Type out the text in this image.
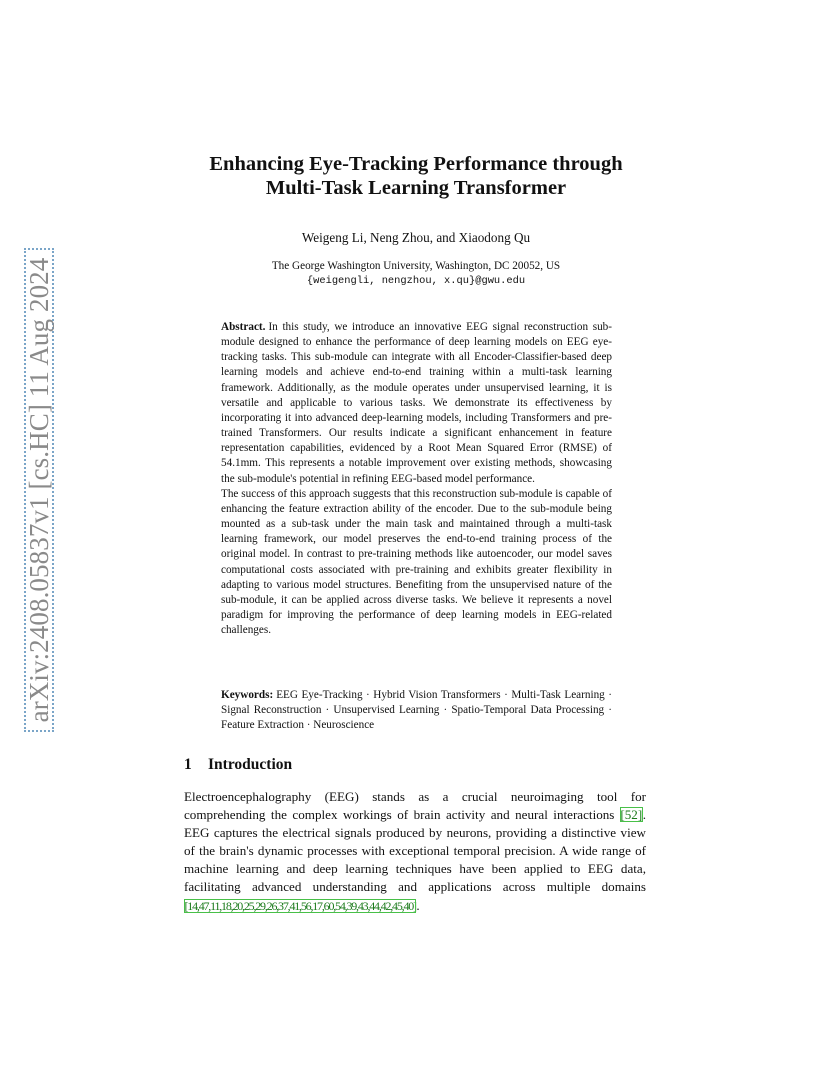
arXiv:2408.05837v1 [cs.HC] 11 Aug 2024
Enhancing Eye-Tracking Performance through
Multi-Task Learning Transformer
Weigeng Li, Neng Zhou, and Xiaodong Qu
The George Washington University, Washington, DC 20052, US
{weigengli, nengzhou, x.qu}@gwu.edu

Abstract. In this study, we introduce an innovative EEG signal reconstruction sub-module designed to enhance the performance of deep learning models on EEG eye-tracking tasks. This sub-module can integrate with all Encoder-Classifier-based deep learning models and achieve end-to-end training within a multi-task learning framework. Additionally, as the module operates under unsupervised learning, it is versatile and applicable to various tasks. We demonstrate its effectiveness by incorporating it into advanced deep-learning models, including Transformers and pre-trained Transformers. Our results indicate a significant enhancement in feature representation capabilities, evidenced by a Root Mean Squared Error (RMSE) of 54.1mm. This represents a notable improvement over existing methods, showcasing the sub-module's potential in refining EEG-based model performance.

The success of this approach suggests that this reconstruction sub-module is capable of enhancing the feature extraction ability of the encoder. Due to the sub-module being mounted as a sub-task under the main task and maintained through a multi-task learning framework, our model preserves the end-to-end training process of the original model. In contrast to pre-training methods like autoencoder, our model saves computational costs associated with pre-training and exhibits greater flexibility in adapting to various model structures. Benefiting from the unsupervised nature of the sub-module, it can be applied across diverse tasks. We believe it represents a novel paradigm for improving the performance of deep learning models in EEG-related challenges.

Keywords: EEG Eye-Tracking · Hybrid Vision Transformers · Multi-Task Learning · Signal Reconstruction · Unsupervised Learning · Spatio-Temporal Data Processing · Feature Extraction · Neuroscience
1 Introduction

Electroencephalography (EEG) stands as a crucial neuroimaging tool for comprehending the complex workings of brain activity and neural interactions [52]. EEG captures the electrical signals produced by neurons, providing a distinctive view of the brain's dynamic processes with exceptional temporal precision. A wide range of machine learning and deep learning techniques have been applied to EEG data, facilitating advanced understanding and applications across multiple domains [14,47,11,18,20,25,29,26,37,41,56,17,60,54,39,43,44,42,45,40].
